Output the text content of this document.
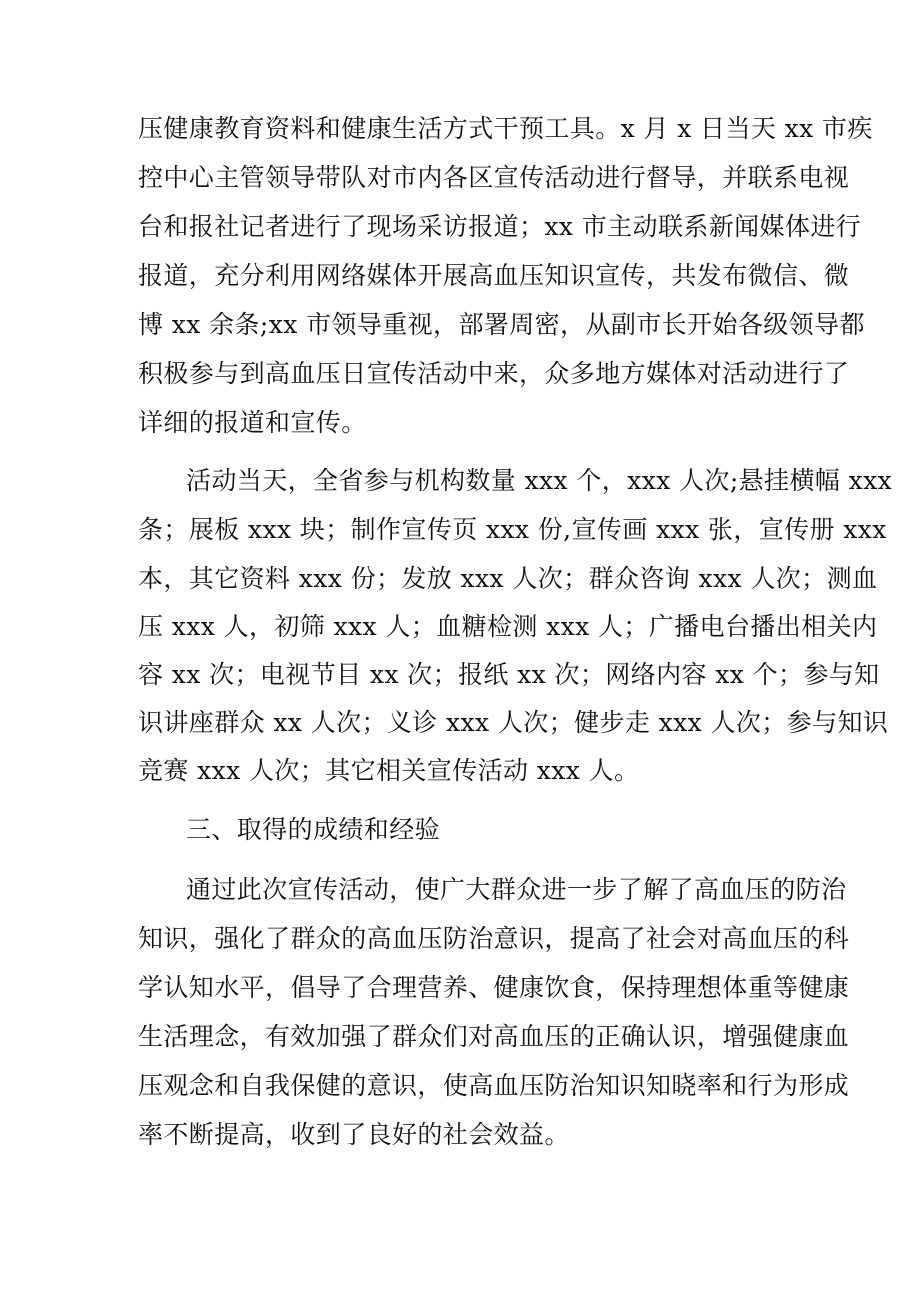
压健康教育资料和健康生活方式干预工具。x 月 x 日当天 xx 市疾
控中心主管领导带队对市内各区宣传活动进行督导，并联系电视
台和报社记者进行了现场采访报道；xx 市主动联系新闻媒体进行
报道，充分利用网络媒体开展高血压知识宣传，共发布微信、微
博 xx 余条;xx 市领导重视，部署周密，从副市长开始各级领导都
积极参与到高血压日宣传活动中来，众多地方媒体对活动进行了
详细的报道和宣传。
活动当天，全省参与机构数量 xxx 个，xxx 人次;悬挂横幅 xxx
条；展板 xxx 块；制作宣传页 xxx 份,宣传画 xxx 张，宣传册 xxx
本，其它资料 xxx 份；发放 xxx 人次；群众咨询 xxx 人次；测血
压 xxx 人，初筛 xxx 人；血糖检测 xxx 人；广播电台播出相关内
容 xx 次；电视节目 xx 次；报纸 xx 次；网络内容 xx 个；参与知
识讲座群众 xx 人次；义诊 xxx 人次；健步走 xxx 人次；参与知识
竞赛 xxx 人次；其它相关宣传活动 xxx 人。
三、取得的成绩和经验
通过此次宣传活动，使广大群众进一步了解了高血压的防治
知识，强化了群众的高血压防治意识，提高了社会对高血压的科
学认知水平，倡导了合理营养、健康饮食，保持理想体重等健康
生活理念，有效加强了群众们对高血压的正确认识，增强健康血
压观念和自我保健的意识，使高血压防治知识知晓率和行为形成
率不断提高，收到了良好的社会效益。
